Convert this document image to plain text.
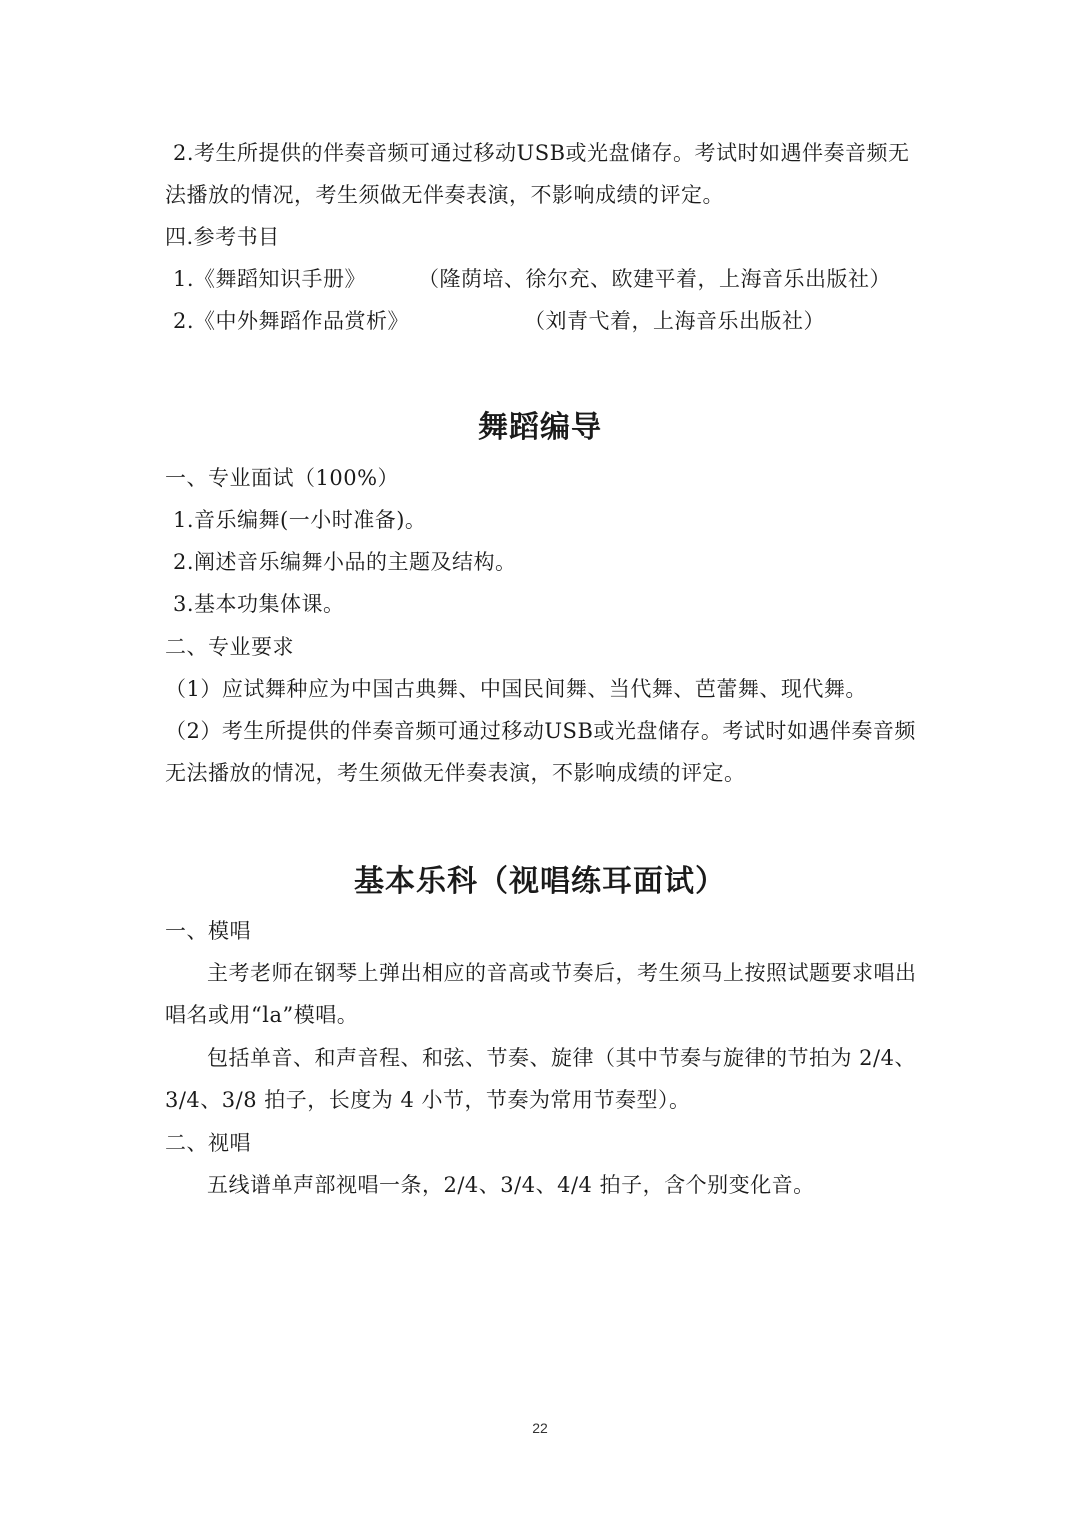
2.考生所提供的伴奏音频可通过移动USB或光盘储存。考试时如遇伴奏音频无
法播放的情况，考生须做无伴奏表演，不影响成绩的评定。
四.参考书目
1.《舞蹈知识手册》 （隆荫培、徐尔充、欧建平着，上海音乐出版社）
2.《中外舞蹈作品赏析》	（刘青弋着，上海音乐出版社）
舞蹈编导
一、专业面试（100%）
1.音乐编舞(一小时准备)。
2.阐述音乐编舞小品的主题及结构。
3.基本功集体课。
二、专业要求
（1）应试舞种应为中国古典舞、中国民间舞、当代舞、芭蕾舞、现代舞。
（2）考生所提供的伴奏音频可通过移动USB或光盘储存。考试时如遇伴奏音频
无法播放的情况，考生须做无伴奏表演，不影响成绩的评定。
基本乐科（视唱练耳面试）
一、模唱
主考老师在钢琴上弹出相应的音高或节奏后，考生须马上按照试题要求唱出
唱名或用“la”模唱。
包括单音、和声音程、和弦、节奏、旋律（其中节奏与旋律的节拍为 2/4、
3/4、3/8 拍子，长度为 4 小节，节奏为常用节奏型）。
二、视唱
五线谱单声部视唱一条，2/4、3/4、4/4 拍子，含个别变化音。
22
